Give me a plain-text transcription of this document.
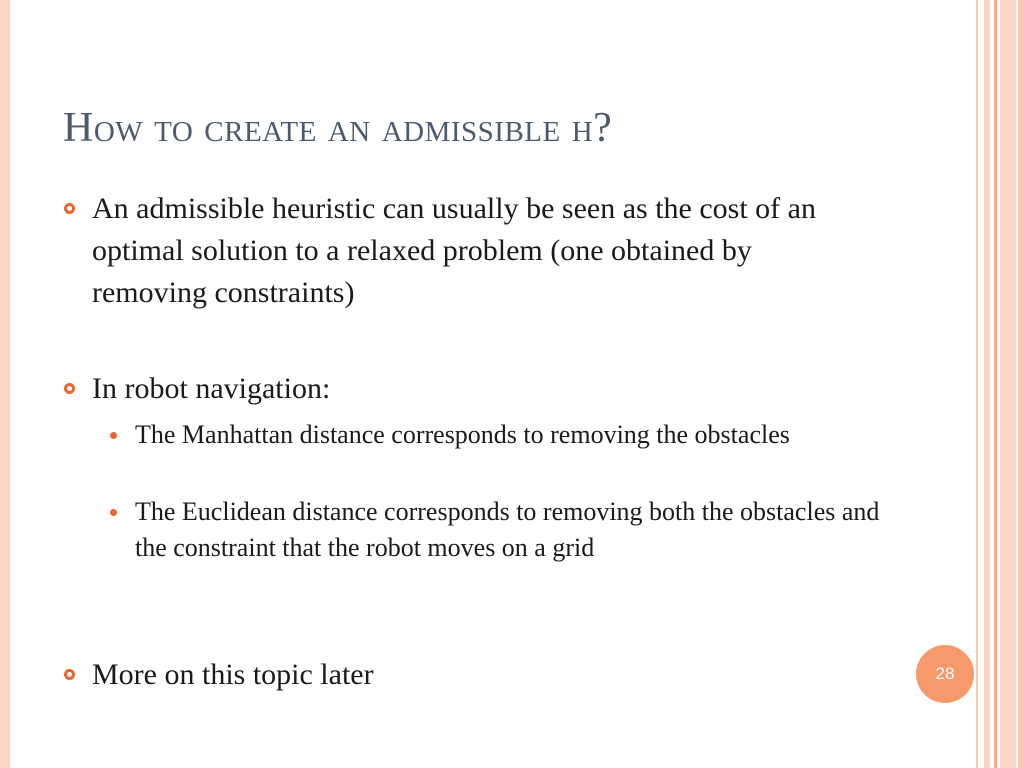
How to create an admissible h?
An admissible heuristic can usually be seen as the cost of an optimal solution to a relaxed problem (one obtained by removing constraints)
In robot navigation:
The Manhattan distance corresponds to removing the obstacles
The Euclidean distance corresponds to removing both the obstacles and the constraint that the robot moves on a grid
More on this topic later	28
